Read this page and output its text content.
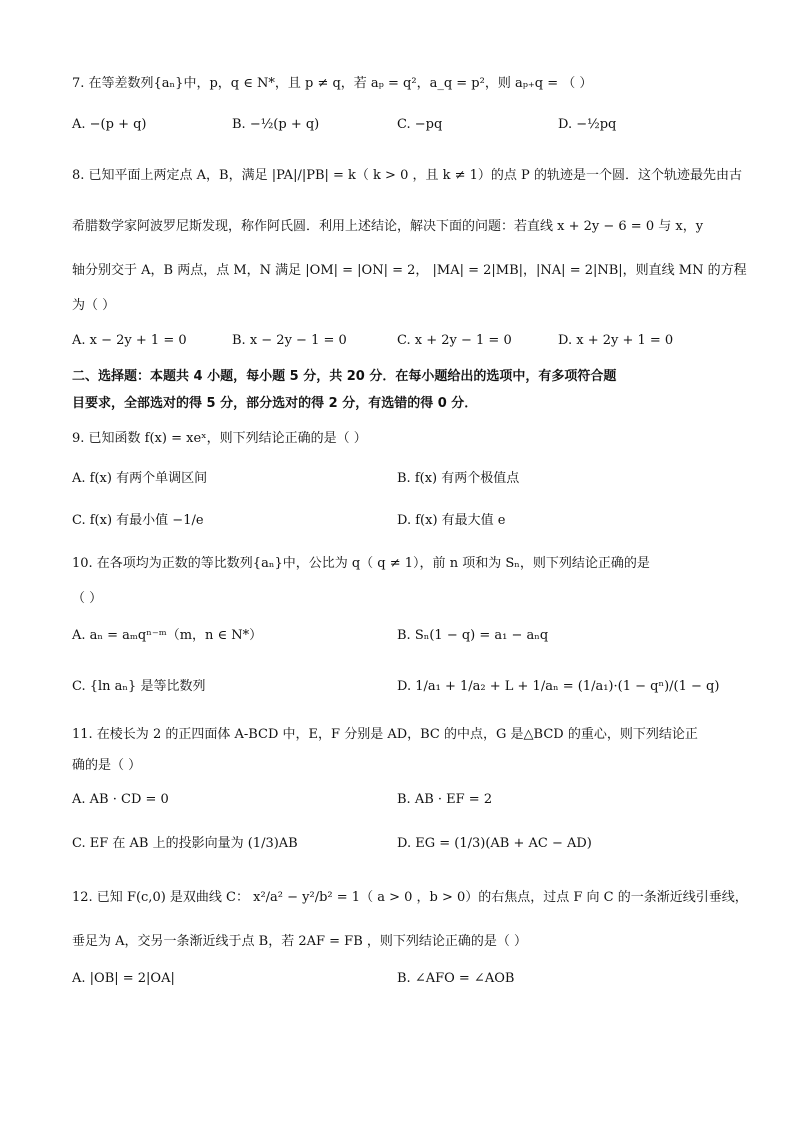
7. 在等差数列{aₙ}中，p，q ∈ N*，且 p ≠ q，若 aₚ = q²，a_q = p²，则 aₚ₊q = （ ）
A. −(p + q)	B. −½(p + q)	C. −pq	D. −½pq
8. 已知平面上两定点 A，B，满足 |PA|/|PB| = k（ k > 0 ，且 k ≠ 1）的点 P 的轨迹是一个圆．这个轨迹最先由古
希腊数学家阿波罗尼斯发现，称作阿氏圆．利用上述结论，解决下面的问题：若直线 x + 2y − 6 = 0 与 x，y
轴分别交于 A，B 两点，点 M，N 满足 |OM| = |ON| = 2， |MA| = 2|MB|，|NA| = 2|NB|，则直线 MN 的方程
为（ ）
A. x − 2y + 1 = 0	B. x − 2y − 1 = 0	C. x + 2y − 1 = 0	D. x + 2y + 1 = 0
二、选择题：本题共 4 小题，每小题 5 分，共 20 分．在每小题给出的选项中，有多项符合题
目要求，全部选对的得 5 分，部分选对的得 2 分，有选错的得 0 分．
9. 已知函数 f(x) = xeˣ，则下列结论正确的是（ ）
A. f(x) 有两个单调区间	B. f(x) 有两个极值点
C. f(x) 有最小值 −1/e	D. f(x) 有最大值 e
10. 在各项均为正数的等比数列{aₙ}中，公比为 q（ q ≠ 1），前 n 项和为 Sₙ，则下列结论正确的是
（ ）
A. aₙ = aₘqⁿ⁻ᵐ（m，n ∈ N*）	B. Sₙ(1 − q) = a₁ − aₙq
C. {ln aₙ} 是等比数列	D. 1/a₁ + 1/a₂ + L + 1/aₙ = (1/a₁)·(1 − qⁿ)/(1 − q)
11. 在棱长为 2 的正四面体 A-BCD 中，E，F 分别是 AD，BC 的中点，G 是△BCD 的重心，则下列结论正
确的是（ ）
A. AB · CD = 0	B. AB · EF = 2
C. EF 在 AB 上的投影向量为 (1/3)AB	D. EG = (1/3)(AB + AC − AD)
12. 已知 F(c,0) 是双曲线 C： x²/a² − y²/b² = 1（ a > 0 ，b > 0）的右焦点，过点 F 向 C 的一条渐近线引垂线，
垂足为 A，交另一条渐近线于点 B，若 2AF = FB ，则下列结论正确的是（ ）
A. |OB| = 2|OA|	B. ∠AFO = ∠AOB
